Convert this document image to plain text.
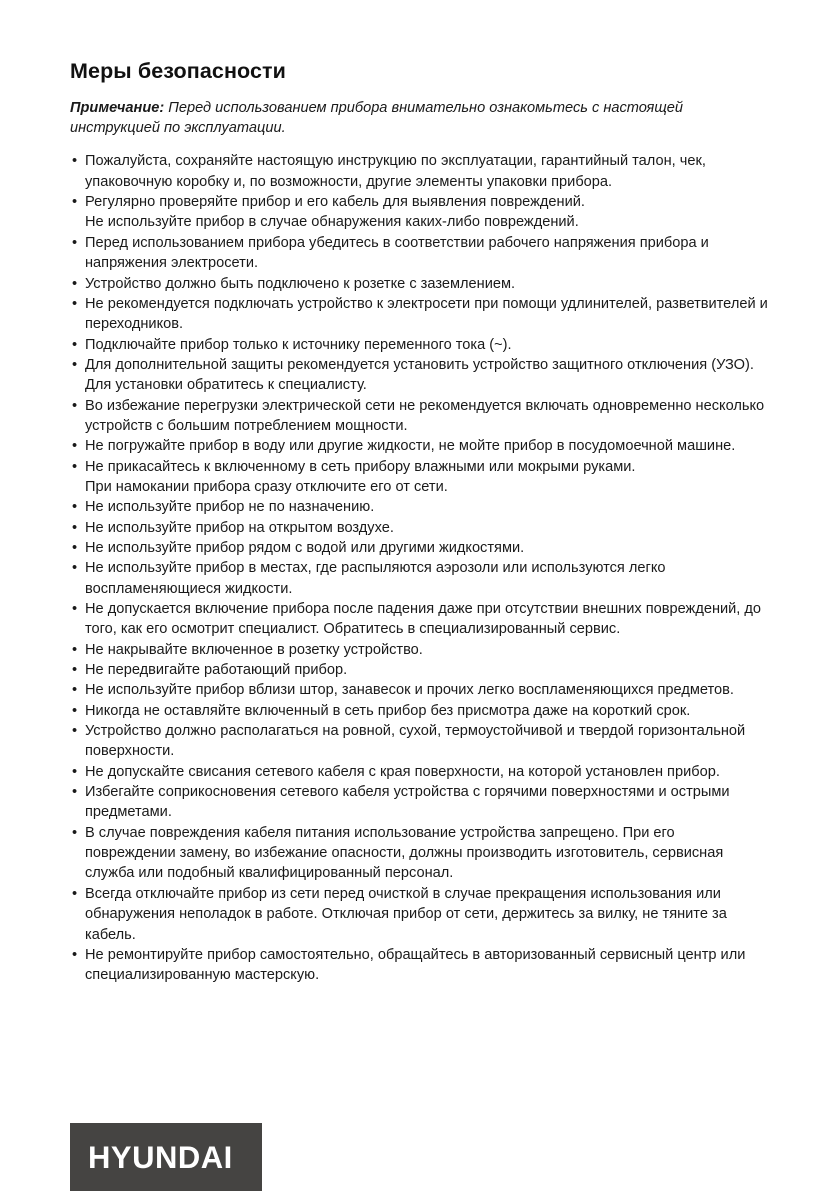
Меры безопасности

Примечание: Перед использованием прибора внимательно ознакомьтесь с настоящей инструкцией по эксплуатации.

• Пожалуйста, сохраняйте настоящую инструкцию по эксплуатации, гарантийный талон, чек, упаковочную коробку и, по возможности, другие элементы упаковки прибора.
• Регулярно проверяйте прибор и его кабель для выявления повреждений.
Не используйте прибор в случае обнаружения каких-либо повреждений.
• Перед использованием прибора убедитесь в соответствии рабочего напряжения прибора и напряжения электросети.
• Устройство должно быть подключено к розетке с заземлением.
• Не рекомендуется подключать устройство к электросети при помощи удлинителей, разветвителей и переходников.
• Подключайте прибор только к источнику переменного тока (~).
• Для дополнительной защиты рекомендуется установить устройство защитного отключения (УЗО). Для установки обратитесь к специалисту.
• Во избежание перегрузки электрической сети не рекомендуется включать одновременно несколько устройств с большим потреблением мощности.
• Не погружайте прибор в воду или другие жидкости, не мойте прибор в посудомоечной машине.
• Не прикасайтесь к включенному в сеть прибору влажными или мокрыми руками.
При намокании прибора сразу отключите его от сети.
• Не используйте прибор не по назначению.
• Не используйте прибор на открытом воздухе.
• Не используйте прибор рядом с водой или другими жидкостями.
• Не используйте прибор в местах, где распыляются аэрозоли или используются легко воспламеняющиеся жидкости.
• Не допускается включение прибора после падения даже при отсутствии внешних повреждений, до того, как его осмотрит специалист. Обратитесь в специализированный сервис.
• Не накрывайте включенное в розетку устройство.
• Не передвигайте работающий прибор.
• Не используйте прибор вблизи штор, занавесок и прочих легко воспламеняющихся предметов.
• Никогда не оставляйте включенный в сеть прибор без присмотра даже на короткий срок.
• Устройство должно располагаться на ровной, сухой, термоустойчивой и твердой горизонтальной поверхности.
• Не допускайте свисания сетевого кабеля с края поверхности, на которой установлен прибор.
• Избегайте соприкосновения сетевого кабеля устройства с горячими поверхностями и острыми предметами.
• В случае повреждения кабеля питания использование устройства запрещено. При его повреждении замену, во избежание опасности, должны производить изготовитель, сервисная служба или подобный квалифицированный персонал.
• Всегда отключайте прибор из сети перед очисткой в случае прекращения использования или обнаружения неполадок в работе. Отключая прибор от сети, держитесь за вилку, не тяните за кабель.
• Не ремонтируйте прибор самостоятельно, обращайтесь в авторизованный сервисный центр или специализированную мастерскую.
HYUNDAI
